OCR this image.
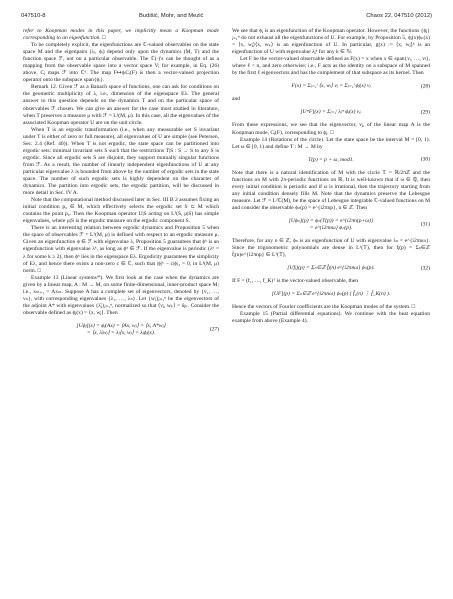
047510-8	Budišić, Mohr, and Mezić	Chaos 22, 047510 (2012)

refer to Koopman modes in this paper, we implicitly mean a Koopman mode corresponding to an eigenfunction. □

To be completely explicit, the eigenfunctions are ℂ-valued observables on the state space M and the eigenpairs (λᵢ, ϕᵢ) depend only upon the dynamics (M, T) and the function space ℱ, not on a particular observable. The ℂ(·)'s can be thought of as a mapping from the observable space into a vector space V; for example, in Eq. (26) above, Cⱼ maps ℱ into ℂᵈ. The map F↦ϕᵢCᵢ(F) is then a vector-valued projection operator onto the subspace span{ϕᵢ}.

Remark 12. Given ℱ as a Banach space of functions, one can ask for conditions on the geometric multiplicity of λ, i.e., dimension of the eigenspace Eλ. The general answer to this question depends on the dynamics T and on the particular space of observables ℱ chosen. We can give an answer for the case most studied in literature, when T preserves a measure μ with ℱ = L²(M, μ). In this case, all the eigenvalues of the associated Koopman operator U are on the unit circle.

When T is an ergodic transformation (i.e., when any measurable set S invariant under T is either of zero or full measure), all eigenvalues of U are simple (see Petersen, Sec. 2.4 (Ref. 40)). When T is not ergodic, the state space can be partitioned into ergodic sets: minimal invariant sets S such that the restrictions T|S : S → S to any S is ergodic. Since all ergodic sets S are disjoint, they support mutually singular functions from ℱ. As a result, the number of linearly independent eigenfunctions of U at any particular eigenvalue λ is bounded from above by the number of ergodic sets in the state space. The number of such ergodic sets is highly dependent on the character of dynamics. The partition into ergodic sets, the ergodic partition, will be discussed in more detail in Sec. IV A.

Note that the computational method discussed later in Sec. III B 2 assumes fixing an initial condition p₀ ∈ M, which effectively selects the ergodic set S ⊂ M which contains the point p₀. Then the Koopman operator U|S acting on L²(S, μ|S) has simple eigenvalues, where μ|S is the ergodic measure on the ergodic component S.

There is an interesting relation between ergodic dynamics and Proposition 5 when the space of observables ℱ = L²(M, μ) is defined with respect to an ergodic measure μ. Given an eigenfunction ϕ ∈ ℱ with eigenvalue λ, Proposition 5 guarantees that ϕᵏ is an eigenfunction with eigenvalue λᵏ, as long as ϕᵏ ∈ ℱ. If the eigenvalue is periodic (λᵏ = λ for some k ≥ 2), then ϕᵏ lies in the eigenspace Eλ. Ergodicity guarantees the simplicity of Eλ, and hence there exists a non-zero c ∈ ℂ, such that |ϕ|ᵏ − c|ϕ|₂ = 0, in L²(M, μ) norm. □

Example 13 (Linear systems⁴³). We first look at the case when the dynamics are given by a linear map, A : M → M, on some finite-dimensional, inner-product space M; i.e., xₘ₊₁ = Axₘ. Suppose A has a complete set of eigenvectors, denoted by {v₁, …, vₙ}, with corresponding eigenvalues {λ₁, …, λₙ}. Let {wⱼ}ⱼ₌₁ⁿ be the eigenvectors of the adjoint A* with eigenvalues {λ̄ⱼ}ⱼ₌₁ⁿ, normalized so that ⟨vⱼ, wₖ⟩ = δⱼₖ. Consider the observable defined as ϕⱼ(x) = ⟨x, wⱼ⟩. Then

[Uϕⱼ](x) = ϕⱼ(Ax) = ⟨Ax, wⱼ⟩ = ⟨x, A*wⱼ⟩
= ⟨x, λ̄ⱼwⱼ⟩ = λⱼ⟨x, wⱼ⟩ = λⱼϕⱼ(x).
(27)

We see that ϕⱼ is an eigenfunction of the Koopman operator. However, the functions {ϕⱼ}ⱼ₌₁ⁿ do not exhaust all the eigenfunctions of U. For example, by Proposition 5, ϕⱼ(x)ϕₖ(x) = ⟨x, wⱼ⟩⟨x, wₖ⟩ is an eigenfunction of U. In particular, g(x) := ⟨x, wⱼ⟩ᵏ is an eigenfunction of U with eigenvalue λⱼᵏ for any k ∈ ℕ.

Let F be the vector-valued observable defined as F(x) = x when x ∈ span{vᵢ, …, vₗ}, where ℓ < n, and zero otherwise; i.e., F acts as the identity on a subspace of M spanned by the first ℓ eigenvectors and has the complement of that subspace as its kernel. Then

F(x) = Σⱼ₌₁ˡ ⟨x, wⱼ⟩ vⱼ = Σⱼ₌₁ˡ ϕⱼ(x) vⱼ	(28)

and

[UᵐF](x) = Σⱼ₌₁ˡ λⱼᵐ ϕⱼ(x) vⱼ.	(29)

From these expressions, we see that the eigenvector, vⱼ, of the linear map A is the Koopman mode, Cⱼ(F), corresponding to ϕⱼ. □

Example 14 (Rotations of the circle). Let the state space be the interval M = [0, 1). Let ω ∈ [0, 1) and define T : M → M by

T(p) = p + ω, mod1.	(30)

Note that there is a natural identification of M with the circle 𝕋 = ℝ/2πℤ and the functions on M with 2π-periodic functions on ℝ. It is well-known that if ω ∈ ℚ, then every initial condition is periodic and if ω is irrational, then the trajectory starting from any initial condition densely fills M. Note that the dynamics preserve the Lebesgue measure. Let ℱ = L²ℂ(M), be the space of Lebesgue integrable ℂ-valued functions on M and consider the observable ϕₙ(p) = e^{i2πnp}, n ∈ ℤ. Then

[Uϕₙ](p) = ϕₙ(T(p)) = e^{i2πn(p+ω)}
= e^{i2πnω} ϕₙ(p).
(31)

Therefore, for any n ∈ ℤ, ϕₙ is an eigenfunction of U with eigenvalue λₙ = e^{i2πnω}. Since the trigonometric polynomials are dense in L¹(𝕋), then for fⱼ(p) = Σₙ∈ℤ f̂ⱼ(n)e^{i2πnp} ∈ L¹(𝕋),

[Ufⱼ](p) = Σₙ∈ℤ f̂ⱼ(n) e^{i2πnω} ϕₙ(p).	(32)

If F = (f₁, …, f_K)ᵀ is the vector-valued observable, then

[UF](p) = Σₙ∈ℤ e^{i2πnω} ϕₙ(p) ( f̂₁(n) ⋮ f̂_K(n) ).

Hence the vectors of Fourier coefficients are the Koopman modes of the system. □

Example 15 (Partial differential equations). We continue with the heat equation example from above (Example 4).
